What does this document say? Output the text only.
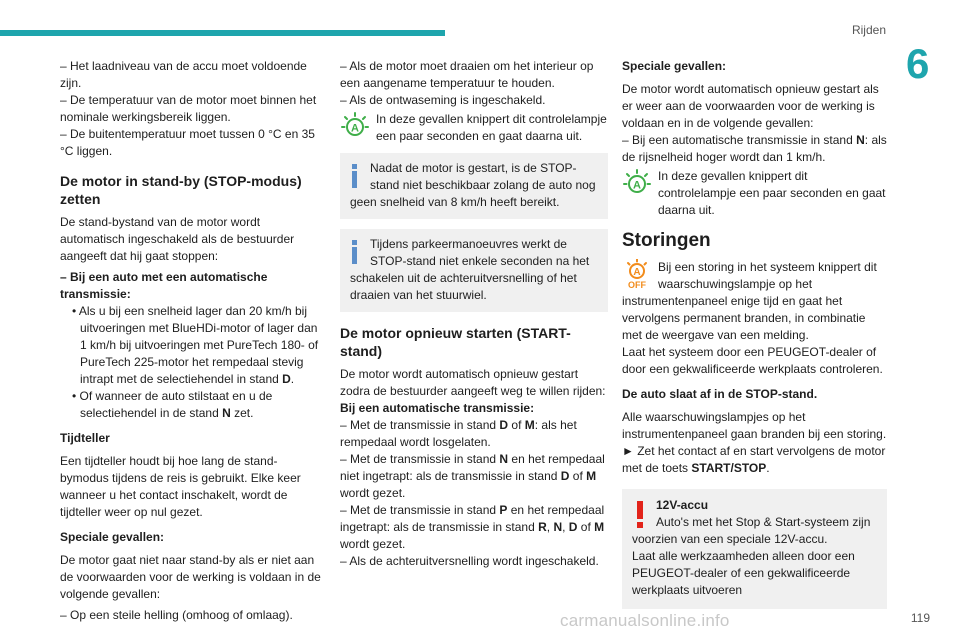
Rijden
6

– Het laadniveau van de accu moet voldoende zijn.

– De temperatuur van de motor moet binnen het nominale werkingsbereik liggen.

– De buitentemperatuur moet tussen 0 °C en 35 °C liggen.

De motor in stand-by (STOP-modus) zetten

De stand-bystand van de motor wordt automatisch ingeschakeld als de bestuurder aangeeft dat hij gaat stoppen:

– Bij een auto met een automatische transmissie:

• Als u bij een snelheid lager dan 20 km/h bij uitvoeringen met BlueHDi-motor of lager dan 1 km/h bij uitvoeringen met PureTech 180- of PureTech 225-motor het rempedaal stevig intrapt met de selectiehendel in stand D.

• Of wanneer de auto stilstaat en u de selectiehendel in de stand N zet.

Tijdteller

Een tijdteller houdt bij hoe lang de stand-bymodus tijdens de reis is gebruikt. Elke keer wanneer u het contact inschakelt, wordt de tijdteller weer op nul gezet.

Speciale gevallen:

De motor gaat niet naar stand-by als er niet aan de voorwaarden voor de werking is voldaan in de volgende gevallen:

– Op een steile helling (omhoog of omlaag).

– Als de motor moet draaien om het interieur op een aangename temperatuur te houden.

– Als de ontwaseming is ingeschakeld.

A
In deze gevallen knippert dit controlelampje een paar seconden en gaat daarna uit.
Nadat de motor is gestart, is de STOP-stand niet beschikbaar zolang de auto nog geen snelheid van 8 km/h heeft bereikt.
Tijdens parkeermanoeuvres werkt de STOP-stand niet enkele seconden na het schakelen uit de achteruitversnelling of het draaien van het stuurwiel.
De motor opnieuw starten (START-stand)

De motor wordt automatisch opnieuw gestart zodra de bestuurder aangeeft weg te willen rijden:

Bij een automatische transmissie:

– Met de transmissie in stand D of M: als het rempedaal wordt losgelaten.

– Met de transmissie in stand N en het rempedaal niet ingetrapt: als de transmissie in stand D of M wordt gezet.

– Met de transmissie in stand P en het rempedaal ingetrapt: als de transmissie in stand R, N, D of M wordt gezet.

– Als de achteruitversnelling wordt ingeschakeld.

Speciale gevallen:

De motor wordt automatisch opnieuw gestart als er weer aan de voorwaarden voor de werking is voldaan en in de volgende gevallen:

– Bij een automatische transmissie in stand N: als de rijsnelheid hoger wordt dan 1 km/h.

A
In deze gevallen knippert dit controlelampje een paar seconden en gaat daarna uit.
Storingen
A
OFF
Bij een storing in het systeem knippert dit waarschuwingslampje op het instrumentenpaneel enige tijd en gaat het vervolgens permanent branden, in combinatie met de weergave van een melding.

Laat het systeem door een PEUGEOT-dealer of door een gekwalificeerde werkplaats controleren.

De auto slaat af in de STOP-stand.

Alle waarschuwingslampjes op het instrumentenpaneel gaan branden bij een storing.

► Zet het contact af en start vervolgens de motor met de toets START/STOP.

12V-accu
Auto's met het Stop & Start-systeem zijn voorzien van een speciale 12V-accu.
Laat alle werkzaamheden alleen door een PEUGEOT-dealer of een gekwalificeerde werkplaats uitvoeren
carmanualsonline.info	119
